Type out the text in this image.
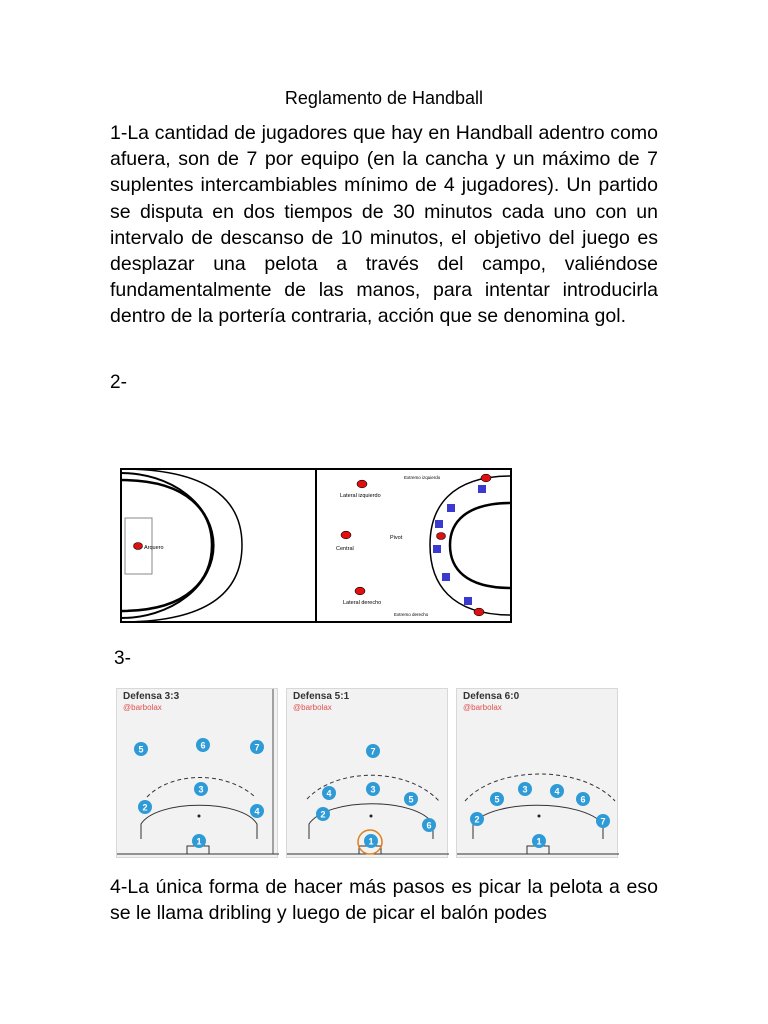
Reglamento de Handball
1-La cantidad de jugadores que hay en Handball adentro como afuera, son de 7 por equipo (en la cancha y un máximo de 7 suplentes intercambiables mínimo de 4 jugadores). Un partido se disputa en dos tiempos de 30 minutos cada uno con un intervalo de descanso de 10 minutos, el objetivo del juego es desplazar una pelota a través del campo, valiéndose fundamentalmente de las manos, para intentar introducirla dentro de la portería contraria, acción que se denomina gol.
2-
Arquero
Lateral izquierdo
Central
Lateral derecho
Pivot
Extremo izquierdo
Extremo derecho
3-
5	6	7
3
2	4
1
Defensa 3:3
@barbolax
7
3
4
2
5
6
1
Defensa 5:1
@barbolax
3	4
5
2
6
7
1
Defensa 6:0
@barbolax
4-La única forma de hacer más pasos es picar la pelota a eso se le llama dribling y luego de picar el balón podes
